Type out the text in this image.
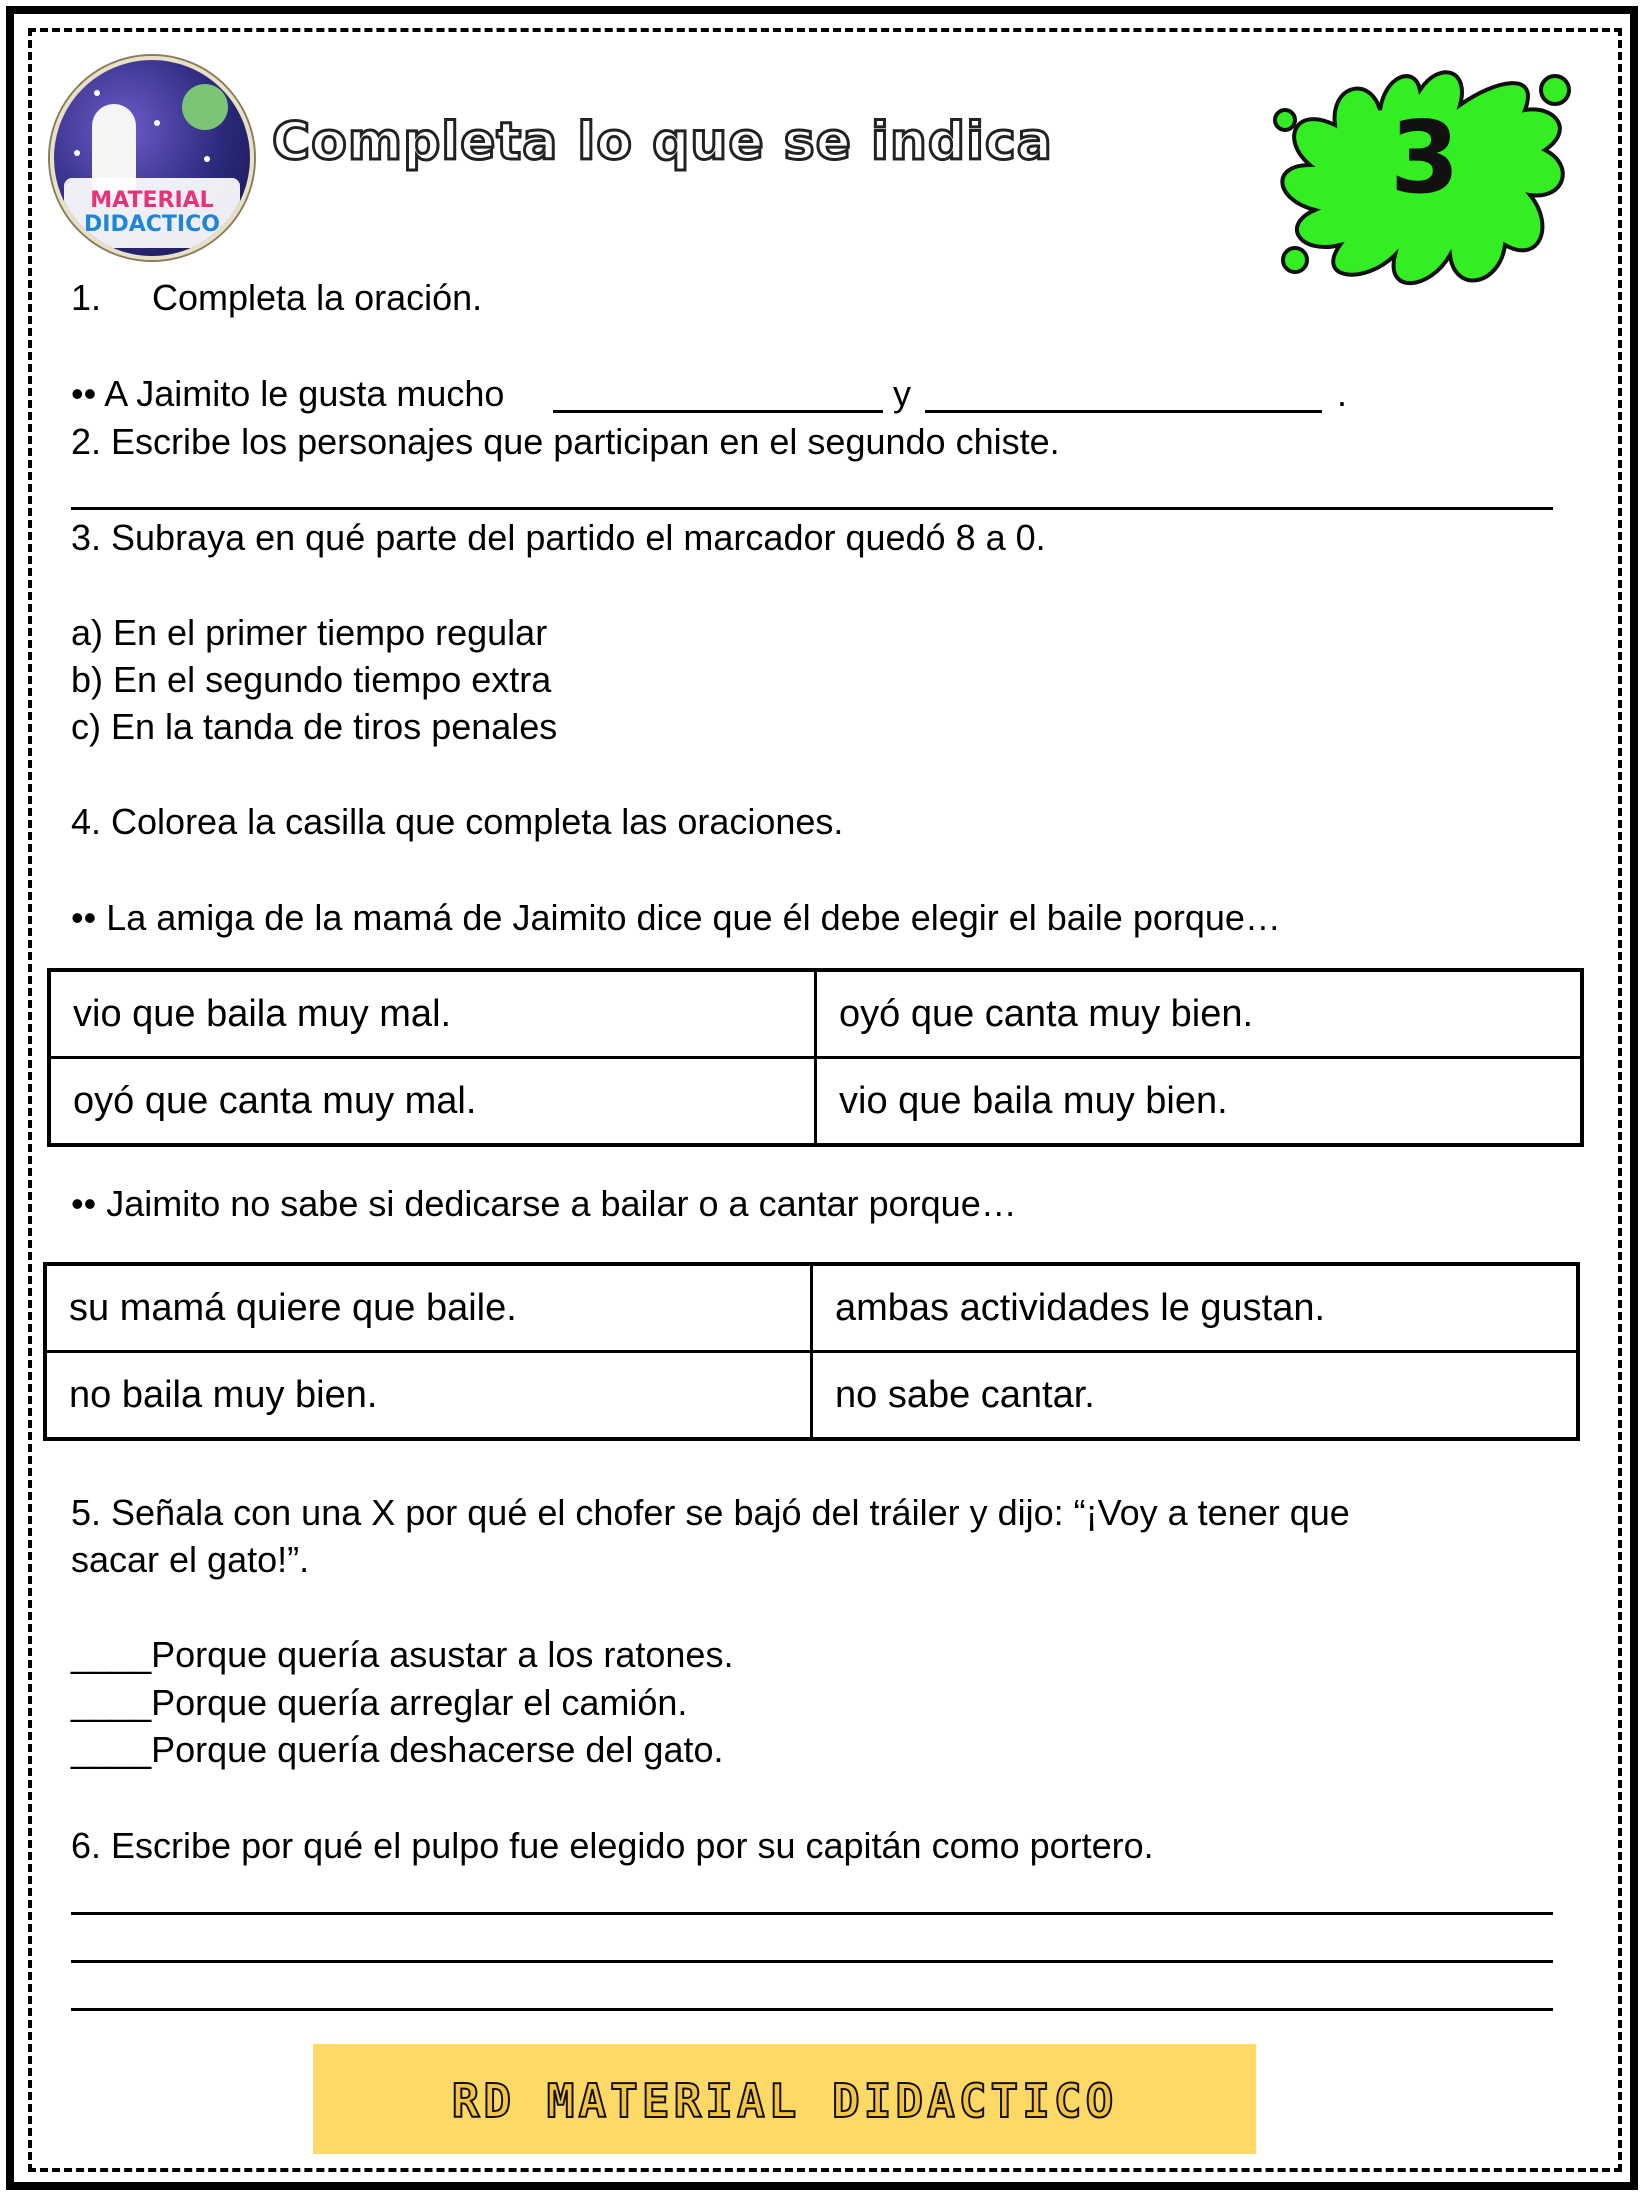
MATERIAL
DIDACTICO
Completa lo que se indica	3
1. Completa la oración.
•• A Jaimito le gusta mucho	y	.
2. Escribe los personajes que participan en el segundo chiste.
3. Subraya en qué parte del partido el marcador quedó 8 a 0.
a) En el primer tiempo regular
b) En el segundo tiempo extra
c) En la tanda de tiros penales
4. Colorea la casilla que completa las oraciones.
•• La amiga de la mamá de Jaimito dice que él debe elegir el baile porque…
vio que baila muy mal.	oyó que canta muy bien.
oyó que canta muy mal.	vio que baila muy bien.
•• Jaimito no sabe si dedicarse a bailar o a cantar porque…
su mamá quiere que baile.	ambas actividades le gustan.
no baila muy bien.	no sabe cantar.
5. Señala con una X por qué el chofer se bajó del tráiler y dijo: “¡Voy a tener que
sacar el gato!”.
____Porque quería asustar a los ratones.
____Porque quería arreglar el camión.
____Porque quería deshacerse del gato.
6. Escribe por qué el pulpo fue elegido por su capitán como portero.
RD MATERIAL DIDACTICO
